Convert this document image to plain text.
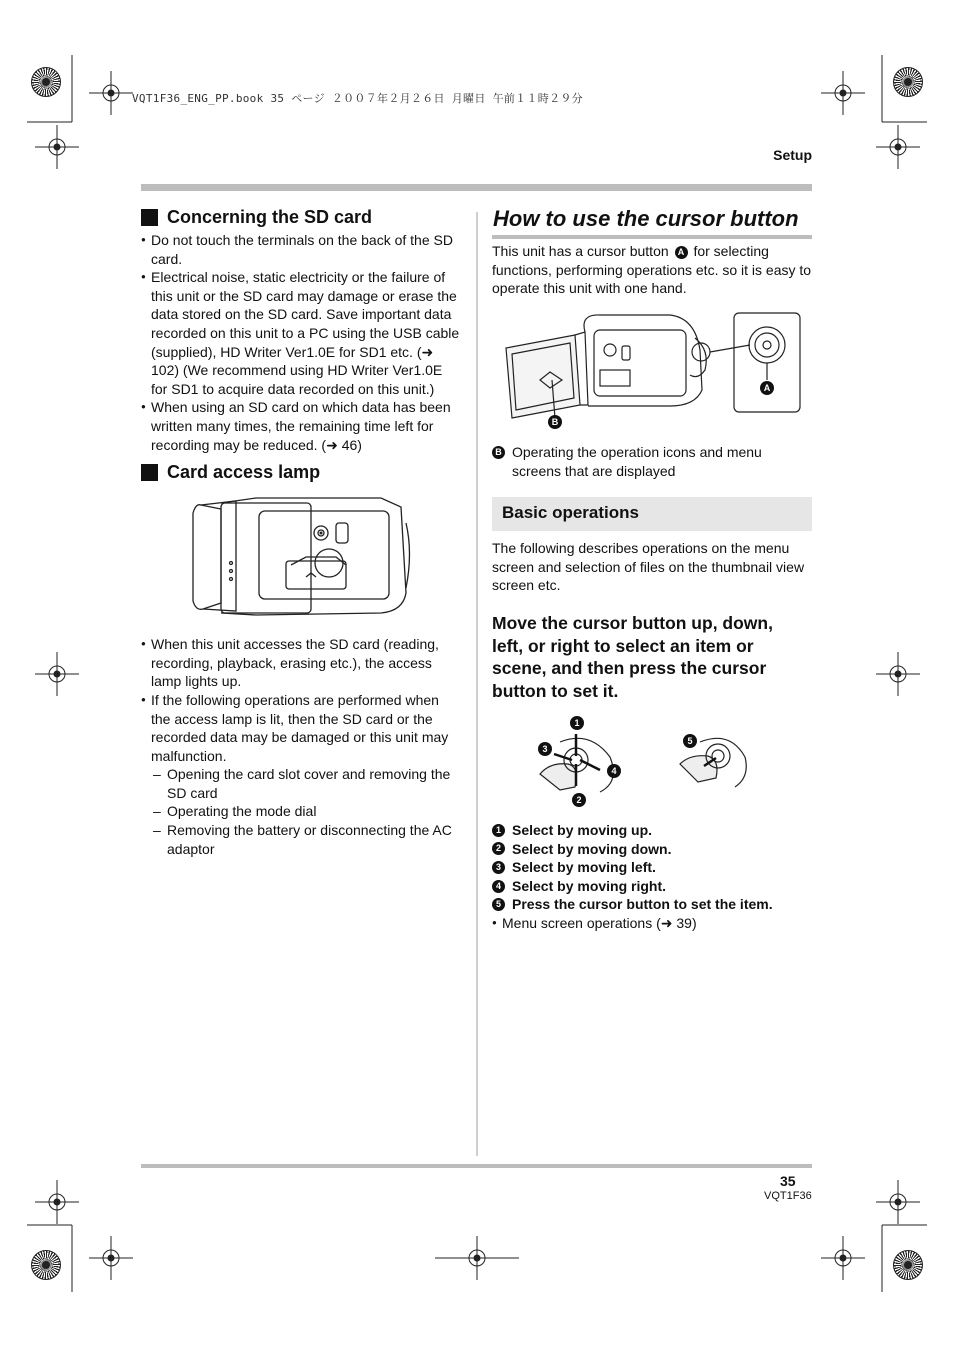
VQT1F36_ENG_PP.book 35 ページ ２００７年２月２６日 月曜日 午前１１時２９分
Setup
Concerning the SD card
● Do not touch the terminals on the back of the SD card.
● Electrical noise, static electricity or the failure of this unit or the SD card may damage or erase the data stored on the SD card. Save important data recorded on this unit to a PC using the USB cable (supplied), HD Writer Ver1.0E for SD1 etc. (➜ 102) (We recommend using HD Writer Ver1.0E for SD1 to acquire data recorded on this unit.)
● When using an SD card on which data has been written many times, the remaining time left for recording may be reduced. (➜ 46)
Card access lamp
● When this unit accesses the SD card (reading, recording, playback, erasing etc.), the access lamp lights up.
● If the following operations are performed when the access lamp is lit, then the SD card or the recorded data may be damaged or this unit may malfunction.
– Opening the card slot cover and removing the SD card
– Operating the mode dial
– Removing the battery or disconnecting the AC adaptor
How to use the cursor button
This unit has a cursor button A for selecting functions, performing operations etc. so it is easy to operate this unit with one hand.
A
B
B Operating the operation icons and menu screens that are displayed
Basic operations
The following describes operations on the menu screen and selection of files on the thumbnail view screen etc.
Move the cursor button up, down, left, or right to select an item or scene, and then press the cursor button to set it.
1
2
3
4
5
1 Select by moving up.
2 Select by moving down.
3 Select by moving left.
4 Select by moving right.
5 Press the cursor button to set the item.
● Menu screen operations (➜ 39)
35
VQT1F36
